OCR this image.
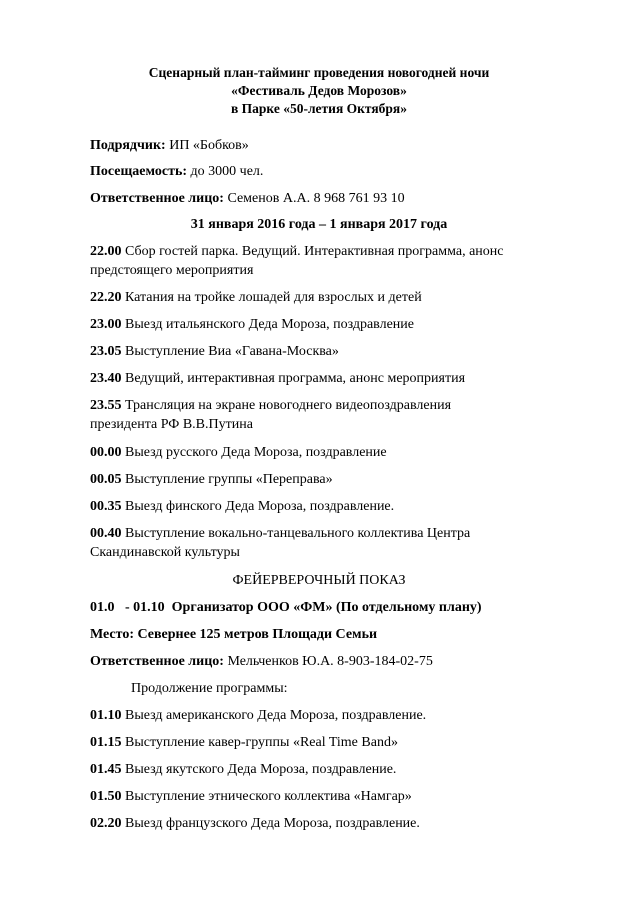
Сценарный план-тайминг проведения новогодней ночи
«Фестиваль Дедов Морозов»
в Парке «50-летия Октября»
Подрядчик: ИП «Бобков»
Посещаемость: до 3000 чел.
Ответственное лицо: Семенов А.А. 8 968 761 93 10
31 января 2016 года – 1 января 2017 года
22.00 Сбор гостей парка. Ведущий. Интерактивная программа, анонс
предстоящего мероприятия
22.20 Катания на тройке лошадей для взрослых и детей
23.00 Выезд итальянского Деда Мороза, поздравление
23.05 Выступление Виа «Гавана-Москва»
23.40 Ведущий, интерактивная программа, анонс мероприятия
23.55 Трансляция на экране новогоднего видеопоздравления
президента РФ В.В.Путина
00.00 Выезд русского Деда Мороза, поздравление
00.05 Выступление группы «Переправа»
00.35 Выезд финского Деда Мороза, поздравление.
00.40 Выступление вокально-танцевального коллектива Центра
Скандинавской культуры
ФЕЙЕРВЕРОЧНЫЙ ПОКАЗ
01.0   - 01.10  Организатор ООО «ФМ» (По отдельному плану)
Место: Севернее 125 метров Площади Семьи
Ответственное лицо: Мельченков Ю.А. 8-903-184-02-75
Продолжение программы:
01.10 Выезд американского Деда Мороза, поздравление.
01.15 Выступление кавер-группы «Real Time Band»
01.45 Выезд якутского Деда Мороза, поздравление.
01.50 Выступление этнического коллектива «Намгар»
02.20 Выезд французского Деда Мороза, поздравление.
